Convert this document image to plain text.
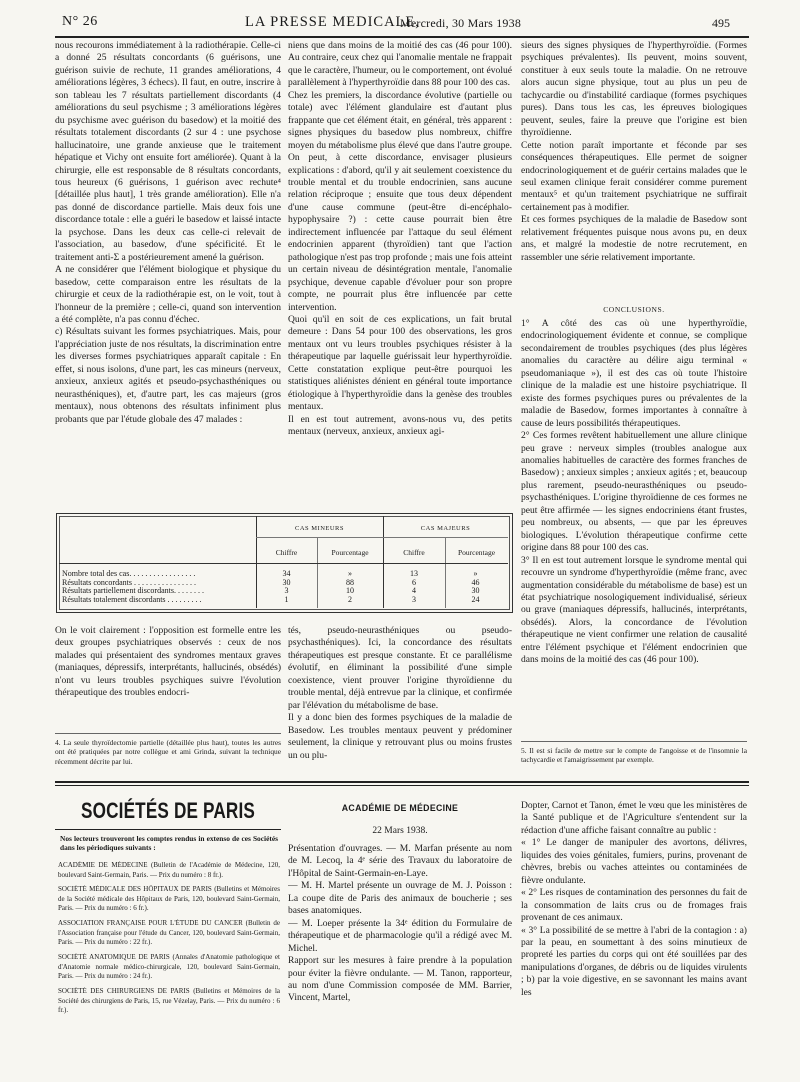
N° 26	LA PRESSE MEDICALE,
Mercredi, 30 Mars 1938	495

nous recourons immédiatement à la radiothérapie. Celle-ci a donné 25 résultats concordants (6 guérisons, une guérison suivie de rechute, 11 grandes améliorations, 4 améliorations légères, 3 échecs). Il faut, en outre, inscrire à son tableau les 7 résultats partiellement discordants (4 améliorations du seul psychisme ; 3 améliorations légères du psychisme avec guérison du basedow) et la moitié des résultats totalement discordants (2 sur 4 : une psychose hallucinatoire, une grande anxieuse que le traitement hépatique et Vichy ont ensuite fort améliorée). Quant à la chirurgie, elle est responsable de 8 résultats concordants, tous heureux (6 guérisons, 1 guérison avec rechute⁴ [détaillée plus haut], 1 très grande amélioration). Elle n'a pas donné de discordance partielle. Mais deux fois une discordance totale : elle a guéri le basedow et laissé intacte la psychose. Dans les deux cas celle-ci relevait de l'association, au basedow, d'une spécificité. Et le traitement anti-Σ a postérieurement amené la guérison.
A ne considérer que l'élément biologique et physique du basedow, cette comparaison entre les résultats de la chirurgie et ceux de la radiothérapie est, on le voit, tout à l'honneur de la première ; celle-ci, quand son intervention a été complète, n'a pas connu d'échec.
c) Résultats suivant les formes psychiatriques. Mais, pour l'appréciation juste de nos résultats, la discrimination entre les diverses formes psychiatriques apparaît capitale : En effet, si nous isolons, d'une part, les cas mineurs (nerveux, anxieux, anxieux agités et pseudo-psychasthéniques ou neurasthéniques), et, d'autre part, les cas majeurs (gros mentaux), nous obtenons des résultats infiniment plus probants que par l'étude globale des 47 malades :

niens que dans moins de la moitié des cas (46 pour 100). Au contraire, ceux chez qui l'anomalie mentale ne frappait que le caractère, l'humeur, ou le comportement, ont évolué parallèlement à l'hyperthyroïdie dans 88 pour 100 des cas.
Chez les premiers, la discordance évolutive (partielle ou totale) avec l'élément glandulaire est d'autant plus frappante que cet élément était, en général, très apparent : signes physiques du basedow plus nombreux, chiffre moyen du métabolisme plus élevé que dans l'autre groupe. On peut, à cette discordance, envisager plusieurs explications : d'abord, qu'il y ait seulement coexistence du trouble mental et du trouble endocrinien, sans aucune relation réciproque ; ensuite que tous deux dépendent d'une cause commune (peut-être di-encéphalo-hypophysaire ?) : cette cause pourrait bien être indirectement influencée par l'attaque du seul élément endocrinien apparent (thyroïdien) tant que l'action pathologique n'est pas trop profonde ; mais une fois atteint un certain niveau de désintégration mentale, l'anomalie psychique, devenue capable d'évoluer pour son propre compte, ne pourrait plus être influencée par cette intervention.
Quoi qu'il en soit de ces explications, un fait brutal demeure : Dans 54 pour 100 des observations, les gros mentaux ont vu leurs troubles psychiques résister à la thérapeutique par laquelle guérissait leur hyperthyroïdie. Cette constatation explique peut-être pourquoi les statistiques aliénistes dénient en général toute importance étiologique à l'hyperthyroïdie dans la genèse des troubles mentaux.
Il en est tout autrement, avons-nous vu, des petits mentaux (nerveux, anxieux, anxieux agi-

sieurs des signes physiques de l'hyperthyroïdie. (Formes psychiques prévalentes). Ils peuvent, moins souvent, constituer à eux seuls toute la maladie. On ne retrouve alors aucun signe physique, tout au plus un peu de tachycardie ou d'instabilité cardiaque (formes psychiques pures). Dans tous les cas, les épreuves biologiques peuvent, seules, faire la preuve que l'origine est bien thyroïdienne.
Cette notion paraît importante et féconde par ses conséquences thérapeutiques. Elle permet de soigner endocrinologiquement et de guérir certains malades que le seul examen clinique ferait considérer comme purement mentaux⁵ et qu'un traitement psychiatrique ne suffirait certainement pas à modifier.
Et ces formes psychiques de la maladie de Basedow sont relativement fréquentes puisque nous avons pu, en deux ans, et malgré la modestie de notre recrutement, en rassembler une série relativement importante.

CONCLUSIONS.

1° A côté des cas où une hyperthyroïdie, endocrinologiquement évidente et connue, se complique secondairement de troubles psychiques (des plus légères anomalies du caractère au délire aigu terminal « pseudomaniaque »), il est des cas où toute l'histoire clinique de la maladie est une histoire psychiatrique. Il existe des formes psychiques pures ou prévalentes de la maladie de Basedow, formes importantes à connaître à cause de leurs possibilités thérapeutiques.
2° Ces formes revêtent habituellement une allure clinique peu grave : nerveux simples (troubles analogue aux anomalies habituelles de caractère des formes franches de Basedow) ; anxieux simples ; anxieux agités ; et, beaucoup plus rarement, pseudo-neurasthéniques ou pseudo-psychasthéniques. L'origine thyroïdienne de ces formes ne peut être affirmée — les signes endocriniens étant frustes, peu nombreux, ou absents, — que par les épreuves biologiques. L'évolution thérapeutique confirme cette origine dans 88 pour 100 des cas.
3° Il en est tout autrement lorsque le syndrome mental qui recouvre un syndrome d'hyperthyroïdie (même franc, avec augmentation considérable du métabolisme de base) est un état psychiatrique nosologiquement individualisé, sérieux ou grave (maniaques dépressifs, hallucinés, interprétants, obsédés). Alors, la concordance de l'évolution thérapeutique ne vient confirmer une relation de causalité entre l'élément psychique et l'élément endocrinien que dans moins de la moitié des cas (46 pour 100).

CAS MINEURS	CAS MAJEURS
Chiffre	Pourcentage	Chiffre	Pourcentage
Nombre total des cas. . . . . . . . . . . . . . . . .	34	»	13	»
Résultats concordants . . . . . . . . . . . . . . . .	30	88	6	46
Résultats partiellement discordants. . . . . . . .	3	10	4	30
Résultats totalement discordants . . . . . . . . .	1	2	3	24

On le voit clairement : l'opposition est formelle entre les deux groupes psychiatriques observés : ceux de nos malades qui présentaient des syndromes mentaux graves (maniaques, dépressifs, interprétants, hallucinés, obsédés) n'ont vu leurs troubles psychiques suivre l'évolution thérapeutique des troubles endocri-

tés, pseudo-neurasthéniques ou pseudo-psychasthéniques). Ici, la concordance des résultats thérapeutiques est presque constante. Et ce parallélisme évolutif, en éliminant la possibilité d'une simple coexistence, vient prouver l'origine thyroïdienne du trouble mental, déjà entrevue par la clinique, et confirmée par l'élévation du métabolisme de base.
Il y a donc bien des formes psychiques de la maladie de Basedow. Les troubles mentaux peuvent y prédominer seulement, la clinique y retrouvant plus ou moins frustes un ou plu-

4. La seule thyroïdectomie partielle (détaillée plus haut), toutes les autres ont été pratiquées par notre collègue et ami Grinda, suivant la technique récemment décrite par lui.

5. Il est si facile de mettre sur le compte de l'angoisse et de l'insomnie la tachycardie et l'amaigrissement par exemple.

SOCIÉTÉS DE PARIS

Nos lecteurs trouveront les comptes rendus in extenso de ces Sociétés dans les périodiques suivants :

ACADÉMIE DE MÉDECINE (Bulletin de l'Académie de Médecine, 120, boulevard Saint-Germain, Paris. — Prix du numéro : 8 fr.).

SOCIÉTÉ MÉDICALE DES HÔPITAUX DE PARIS (Bulletins et Mémoires de la Société médicale des Hôpitaux de Paris, 120, boulevard Saint-Germain, Paris. — Prix du numéro : 6 fr.).

ASSOCIATION FRANÇAISE POUR L'ÉTUDE DU CANCER (Bulletin de l'Association française pour l'étude du Cancer, 120, boulevard Saint-Germain, Paris. — Prix du numéro : 22 fr.).

SOCIÉTÉ ANATOMIQUE DE PARIS (Annales d'Anatomie pathologique et d'Anatomie normale médico-chirurgicale, 120, boulevard Saint-Germain, Paris. — Prix du numéro : 24 fr.).

SOCIÉTÉ DES CHIRURGIENS DE PARIS (Bulletins et Mémoires de la Société des chirurgiens de Paris, 15, rue Vézelay, Paris. — Prix du numéro : 6 fr.).

ACADÉMIE DE MÉDECINE
22 Mars 1938.

Présentation d'ouvrages. — M. Marfan présente au nom de M. Lecoq, la 4ᵉ série des Travaux du laboratoire de l'Hôpital de Saint-Germain-en-Laye.
— M. H. Martel présente un ouvrage de M. J. Poisson : La coupe dite de Paris des animaux de boucherie ; ses bases anatomiques.
— M. Loeper présente la 34ᵉ édition du Formulaire de thérapeutique et de pharmacologie qu'il a rédigé avec M. Michel.
Rapport sur les mesures à faire prendre à la population pour éviter la fièvre ondulante. — M. Tanon, rapporteur, au nom d'une Commission composée de MM. Barrier, Vincent, Martel,

Dopter, Carnot et Tanon, émet le vœu que les ministères de la Santé publique et de l'Agriculture s'entendent sur la rédaction d'une affiche faisant connaître au public :
« 1° Le danger de manipuler des avortons, délivres, liquides des voies génitales, fumiers, purins, provenant de chèvres, brebis ou vaches atteintes ou contaminées de fièvre ondulante.
« 2° Les risques de contamination des personnes du fait de la consommation de laits crus ou de fromages frais provenant de ces animaux.
« 3° La possibilité de se mettre à l'abri de la contagion : a) par la peau, en soumettant à des soins minutieux de propreté les parties du corps qui ont été souillées par des manipulations d'organes, de débris ou de liquides virulents ; b) par la voie digestive, en se savonnant les mains avant les
